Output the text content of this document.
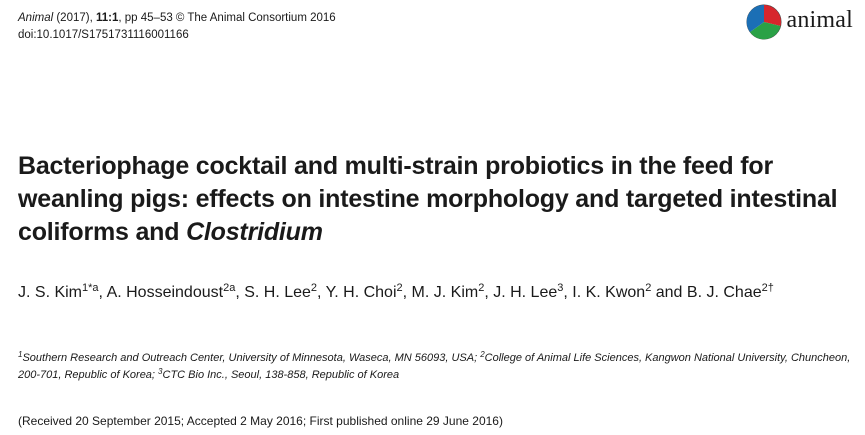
Animal (2017), 11:1, pp 45–53 © The Animal Consortium 2016
doi:10.1017/S1751731116001166
animal
Bacteriophage cocktail and multi-strain probiotics in the feed for weanling pigs: effects on intestine morphology and targeted intestinal coliforms and Clostridium
J. S. Kim$^{1*a}$, A. Hosseindoust$^{2a}$, S. H. Lee$^2$, Y. H. Choi$^2$, M. J. Kim$^2$, J. H. Lee$^3$, I. K. Kwon$^2$ and B. J. Chae$^{2\dagger}$
$^1$Southern Research and Outreach Center, University of Minnesota, Waseca, MN 56093, USA; $^2$College of Animal Life Sciences, Kangwon National University, Chuncheon, 200-701, Republic of Korea; $^3$CTC Bio Inc., Seoul, 138-858, Republic of Korea
(Received 20 September 2015; Accepted 2 May 2016; First published online 29 June 2016)
